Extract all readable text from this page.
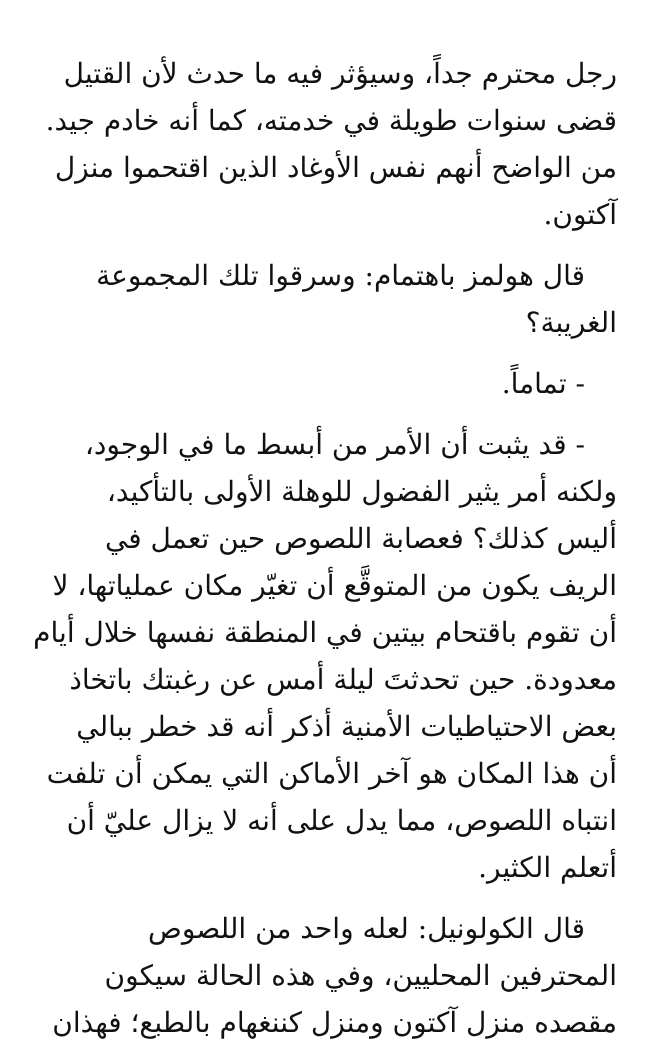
رجل محترم جداً، وسيؤثر فيه ما حدث لأن القتيل
قضى سنوات طويلة في خدمته، كما أنه خادم جيد.
من الواضح أنهم نفس الأوغاد الذين اقتحموا منزل
آكتون.

قال هولمز باهتمام: وسرقوا تلك المجموعة
الغريبة؟

- تماماً.

- قد يثبت أن الأمر من أبسط ما في الوجود،
ولكنه أمر يثير الفضول للوهلة الأولى بالتأكيد،
أليس كذلك؟ فعصابة اللصوص حين تعمل في
الريف يكون من المتوقَّع أن تغيّر مكان عملياتها، لا
أن تقوم باقتحام بيتين في المنطقة نفسها خلال أيام
معدودة. حين تحدثتَ ليلة أمس عن رغبتك باتخاذ
بعض الاحتياطيات الأمنية أذكر أنه قد خطر ببالي
أن هذا المكان هو آخر الأماكن التي يمكن أن تلفت
انتباه اللصوص، مما يدل على أنه لا يزال عليّ أن
أتعلم الكثير.

قال الكولونيل: لعله واحد من اللصوص
المحترفين المحليين، وفي هذه الحالة سيكون
مقصده منزل آكتون ومنزل كننغهام بالطبع؛ فهذان
